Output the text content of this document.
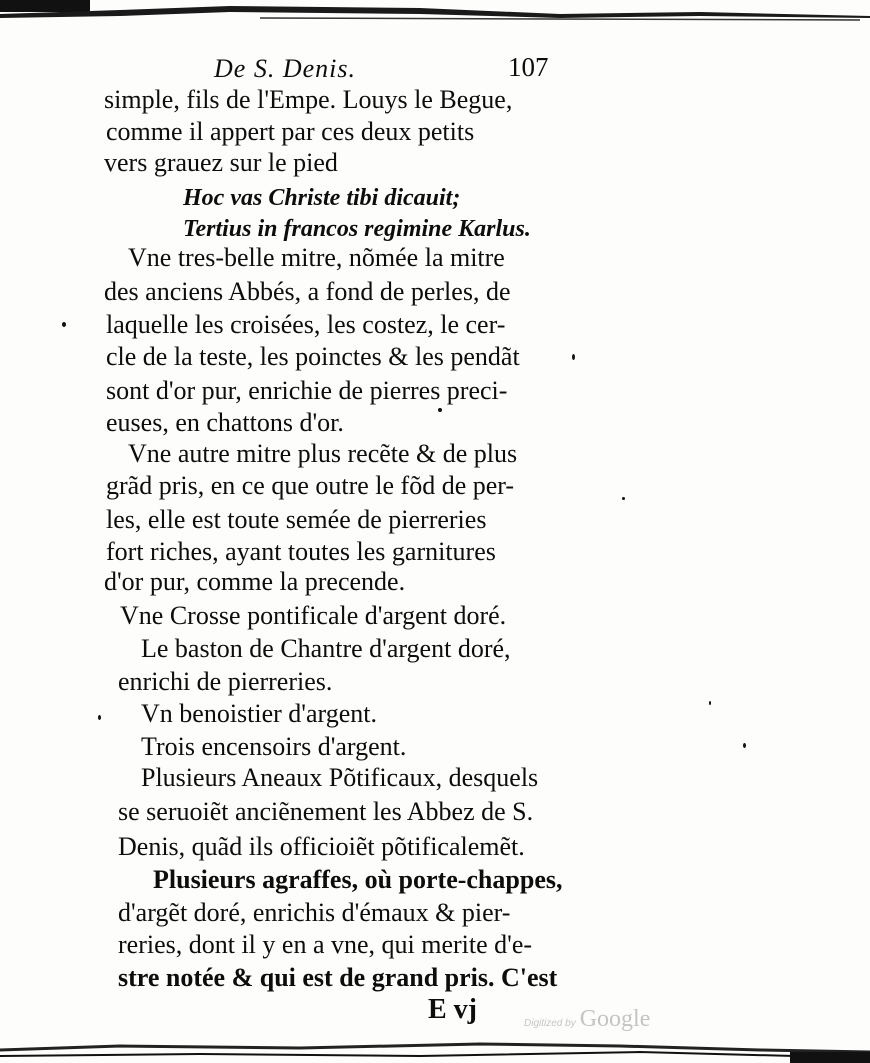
De S. Denis.	107
simple, fils de l'Empe. Louys le Begue,
comme il appert par ces deux petits
vers grauez sur le pied
Hoc vas Christe tibi dicauit;
Tertius in francos regimine Karlus.
Vne tres-belle mitre, nõmée la mitre
des anciens Abbés, a fond de perles, de
laquelle les croisées, les costez, le cer-
cle de la teste, les poinctes & les pendãt
sont d'or pur, enrichie de pierres preci-
euses, en chattons d'or.
Vne autre mitre plus recẽte & de plus
grãd pris, en ce que outre le fõd de per-
les, elle est toute semée de pierreries
fort riches, ayant toutes les garnitures
d'or pur, comme la precende.
Vne Crosse pontificale d'argent doré.
Le baston de Chantre d'argent doré,
enrichi de pierreries.
Vn benoistier d'argent.
Trois encensoirs d'argent.
Plusieurs Aneaux Põtificaux, desquels
se seruoiẽt anciẽnement les Abbez de S.
Denis, quãd ils officioiẽt põtificalemẽt.
Plusieurs agraffes, où porte-chappes,
d'argẽt doré, enrichis d'émaux & pier-
reries, dont il y en a vne, qui merite d'e-
stre notée & qui est de grand pris. C'est
E vj	Digitized by Google
